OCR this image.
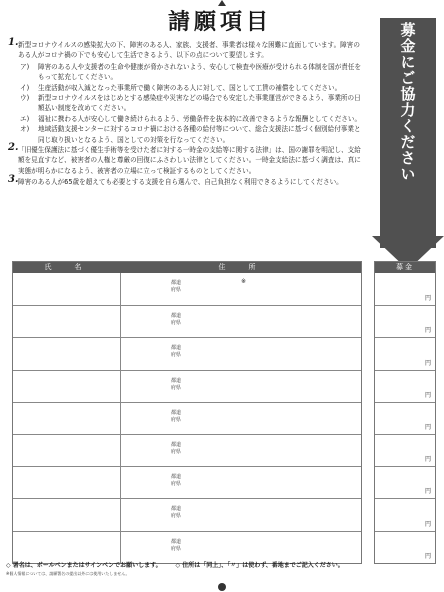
請願項目
1. 新型コロナウイルスの感染拡大の下、障害のある人、家族、支援者、事業者は様々な困難に直面しています。障害のある人がコロナ禍の下でも安心して生活できるよう、以下の点について要望します。
ア) 障害のある人や支援者の生命や健康が脅かされないよう、安心して検査や医療が受けられる体制を国が責任をもって拡充してください。
イ) 生産活動が収入減となった事業所で働く障害のある人に対して、国として工賃の補償をしてください。
ウ) 新型コロナウイルスをはじめとする感染症や災害などの場合でも安定した事業運営ができるよう、事業所の日額払い制度を改めてください。
エ) 福祉に携わる人が安心して働き続けられるよう、労働条件を抜本的に改善できるような報酬としてください。
オ) 地域活動支援センターに対するコロナ禍における各種の給付等について、総合支援法に基づく個別給付事業と同じ取り扱いとなるよう、国としての対策を行なってください。
2. 「旧優生保護法に基づく優生手術等を受けた者に対する一時金の支給等に関する法律」は、国の謝罪を明記し、支給額を見直すなど、被害者の人権と尊厳の回復にふさわしい法律としてください。一時金支給法に基づく調査は、真に実態が明らかになるよう、被害者の立場に立って検証するものとしてください。
3. 障害のある人が65歳を超えても必要とする支援を自ら選んで、自己負担なく利用できるようにしてください。
募金にご協力ください
氏　名	住　所
都道
府県
※
都道
府県
都道
府県
都道
府県
都道
府県
都道
府県
都道
府県
都道
府県
都道
府県
募金
円
円
円
円
円
円
円
円
円
◇ 署名は、ボールペンまたはサインペンでお願いします。 ◇ 住所は「同上」、「〃」は使わず、番地までご記入ください。
※個人情報については、請願署名の提出以外には使用いたしません。
